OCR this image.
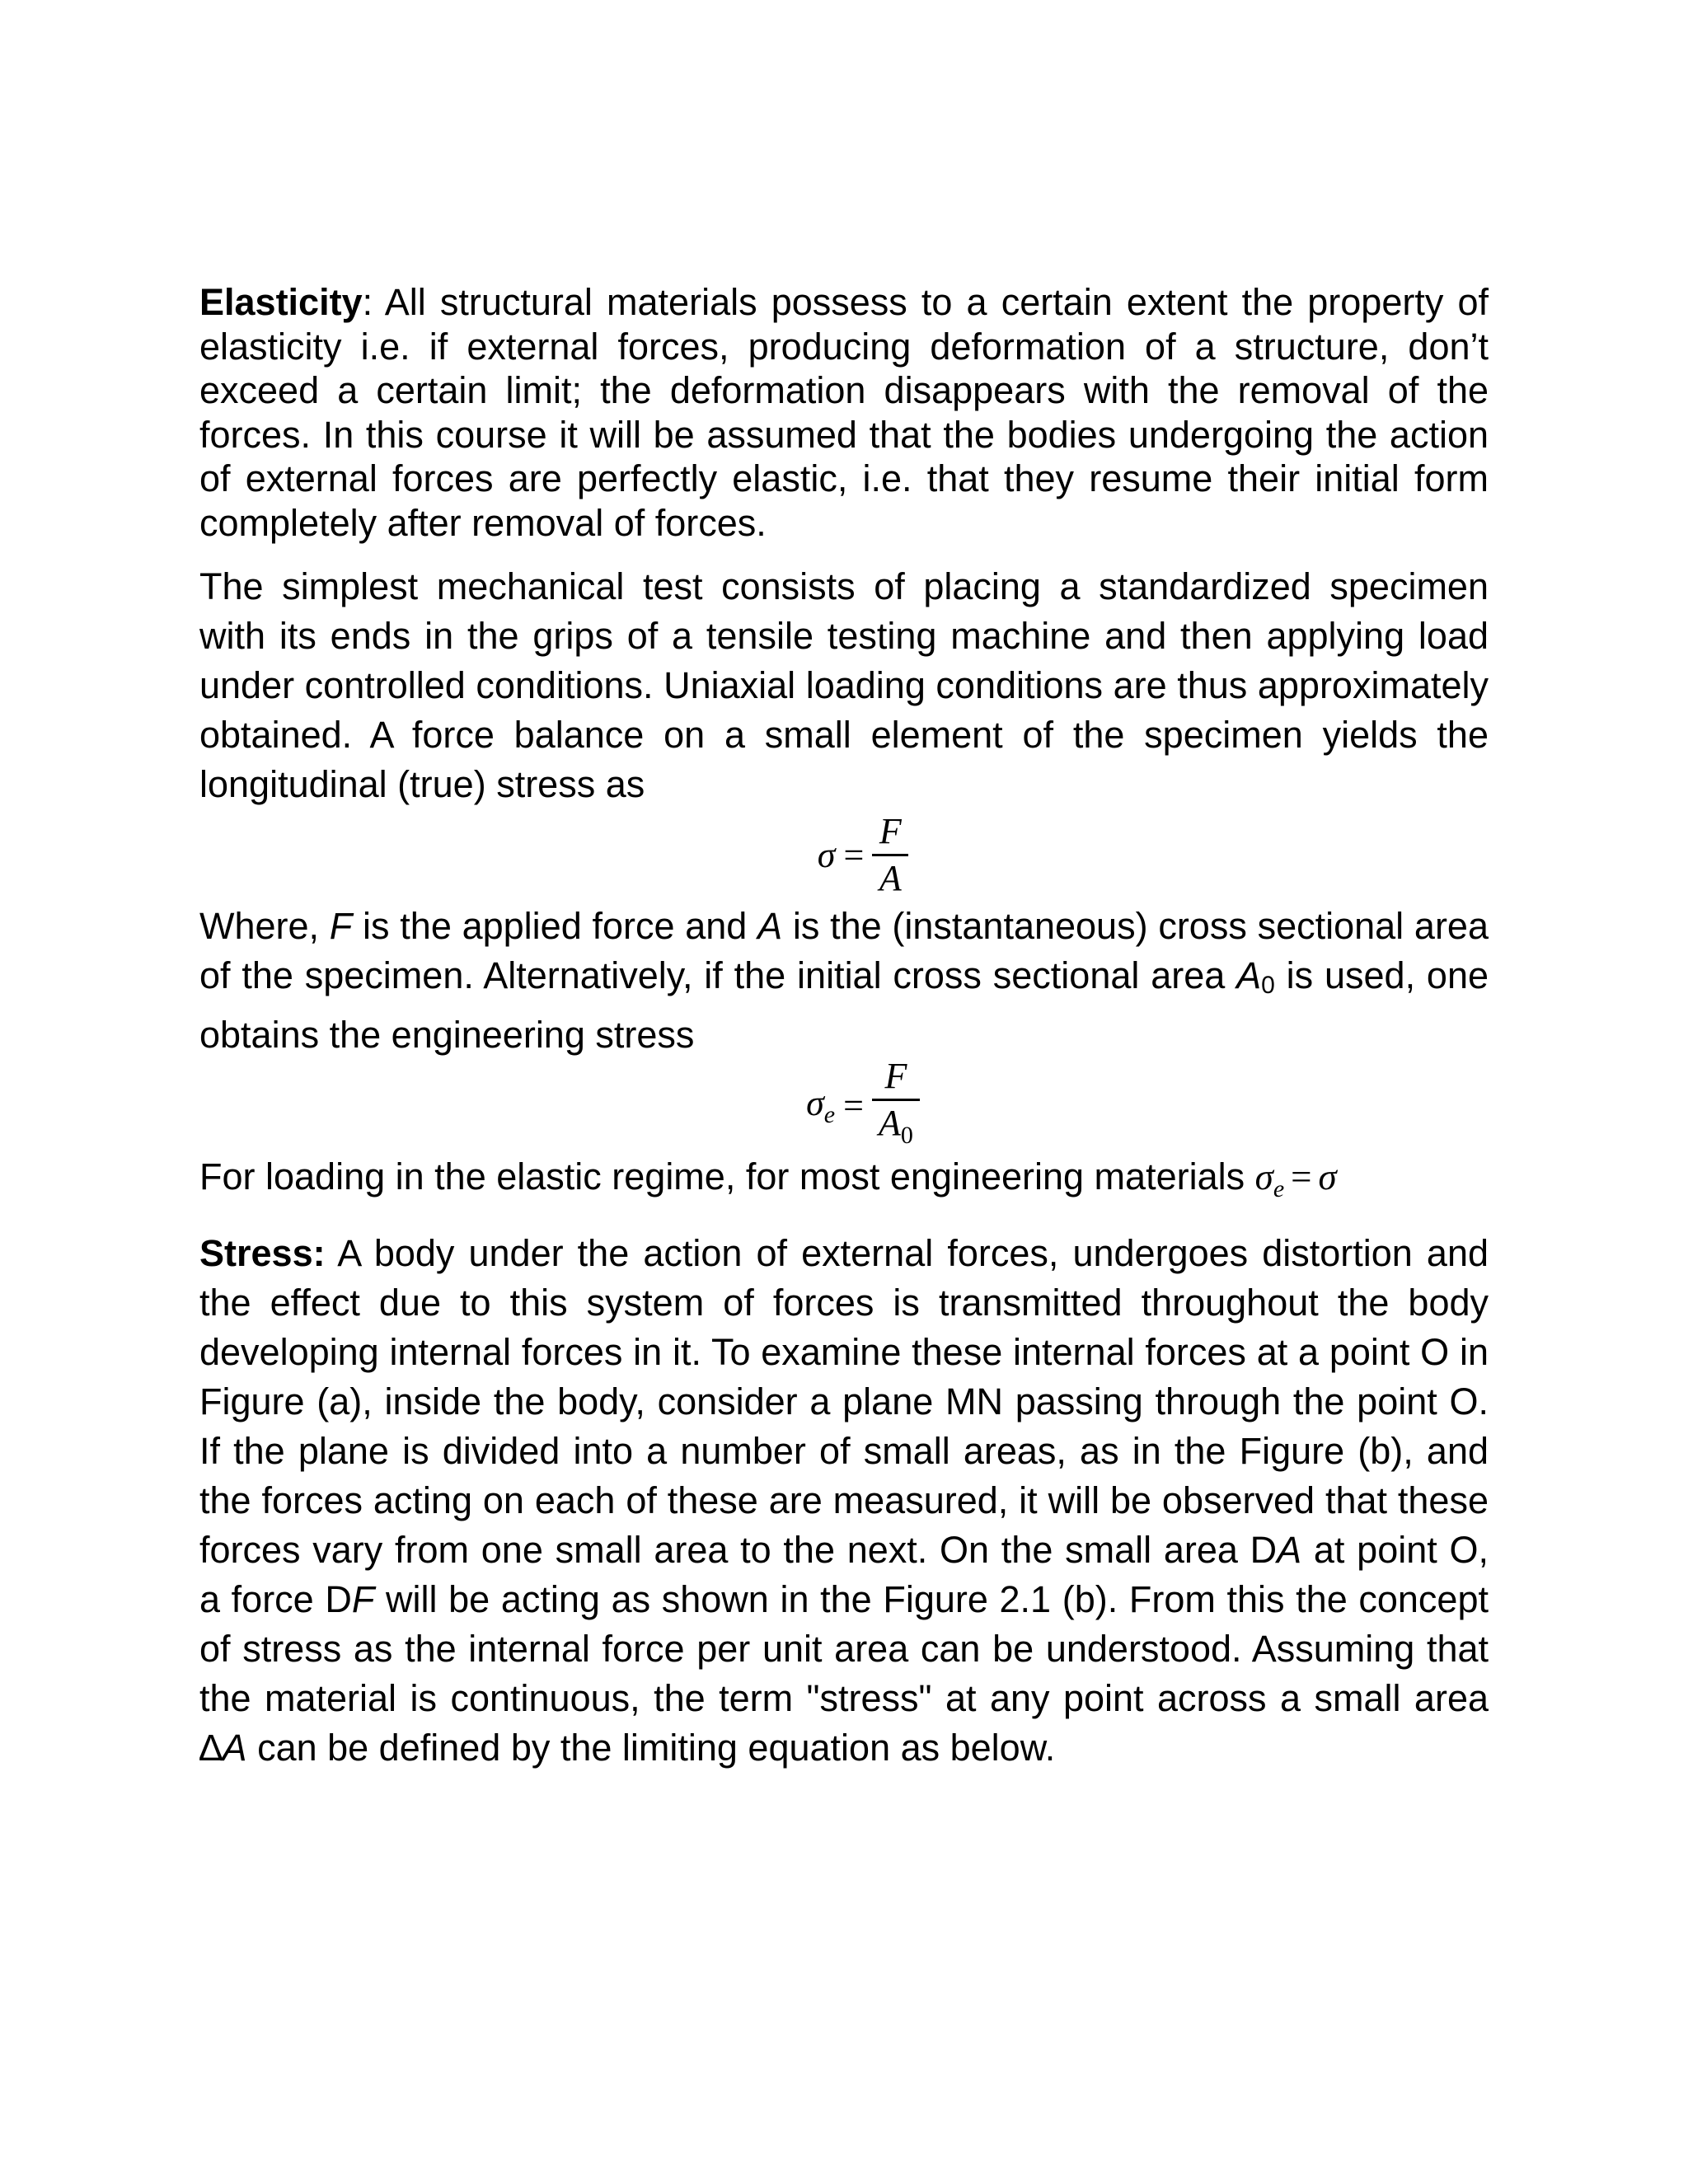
Elasticity: All structural materials possess to a certain extent the property of elasticity i.e. if external forces, producing deformation of a structure, don’t exceed a certain limit; the deformation disappears with the removal of the forces. In this course it will be assumed that the bodies undergoing the action of external forces are perfectly elastic, i.e. that they resume their initial form completely after removal of forces.

The simplest mechanical test consists of placing a standardized specimen with its ends in the grips of a tensile testing machine and then applying load under controlled conditions. Uniaxial loading conditions are thus approximately obtained. A force balance on a small element of the specimen yields the longitudinal (true) stress as

$\sigma = \frac{F}{A}$

Where, F is the applied force and A is the (instantaneous) cross sectional area of the specimen. Alternatively, if the initial cross sectional area $A_0$ is used, one obtains the engineering stress

$\sigma_e = \frac{F}{A_0}$

For loading in the elastic regime, for most engineering materials $\sigma_e = \sigma$

Stress: A body under the action of external forces, undergoes distortion and the effect due to this system of forces is transmitted throughout the body developing internal forces in it. To examine these internal forces at a point O in Figure (a), inside the body, consider a plane MN passing through the point O. If the plane is divided into a number of small areas, as in the Figure (b), and the forces acting on each of these are measured, it will be observed that these forces vary from one small area to the next. On the small area DA at point O, a force DF will be acting as shown in the Figure 2.1 (b). From this the concept of stress as the internal force per unit area can be understood. Assuming that the material is continuous, the term "stress" at any point across a small area ∆A can be defined by the limiting equation as below.
